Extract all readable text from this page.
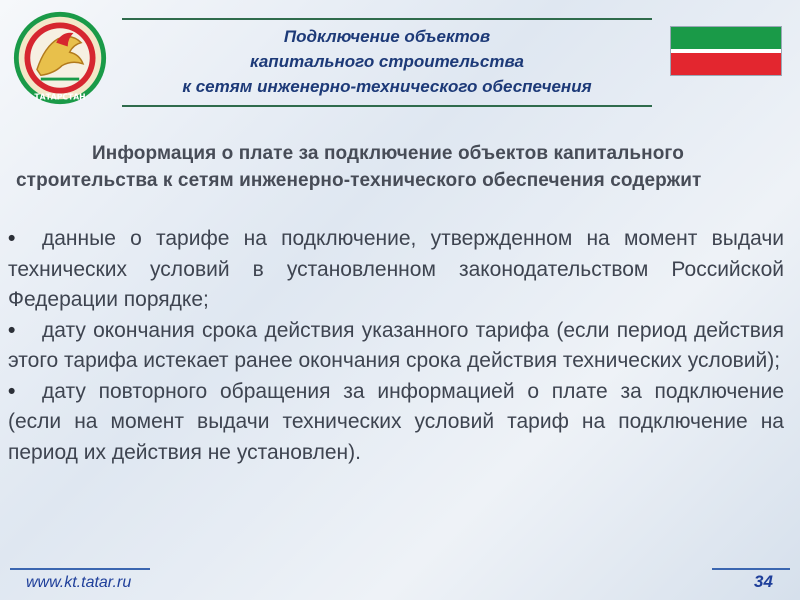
ТАТАРСТАН
Подключение объектов
капитального строительства
к сетям инженерно-технического обеспечения
Информация о плате за подключение объектов капитального
строительства к сетям инженерно-технического обеспечения содержит

• данные о тарифе на подключение, утвержденном на момент выдачи технических условий в установленном законодательством Российской Федерации порядке;

• дату окончания срока действия указанного тарифа (если период действия этого тарифа истекает ранее окончания срока действия технических условий);

• дату повторного обращения за информацией о плате за подключение (если на момент выдачи технических условий тариф на подключение на период их действия не установлен).

www.kt.tatar.ru	34
